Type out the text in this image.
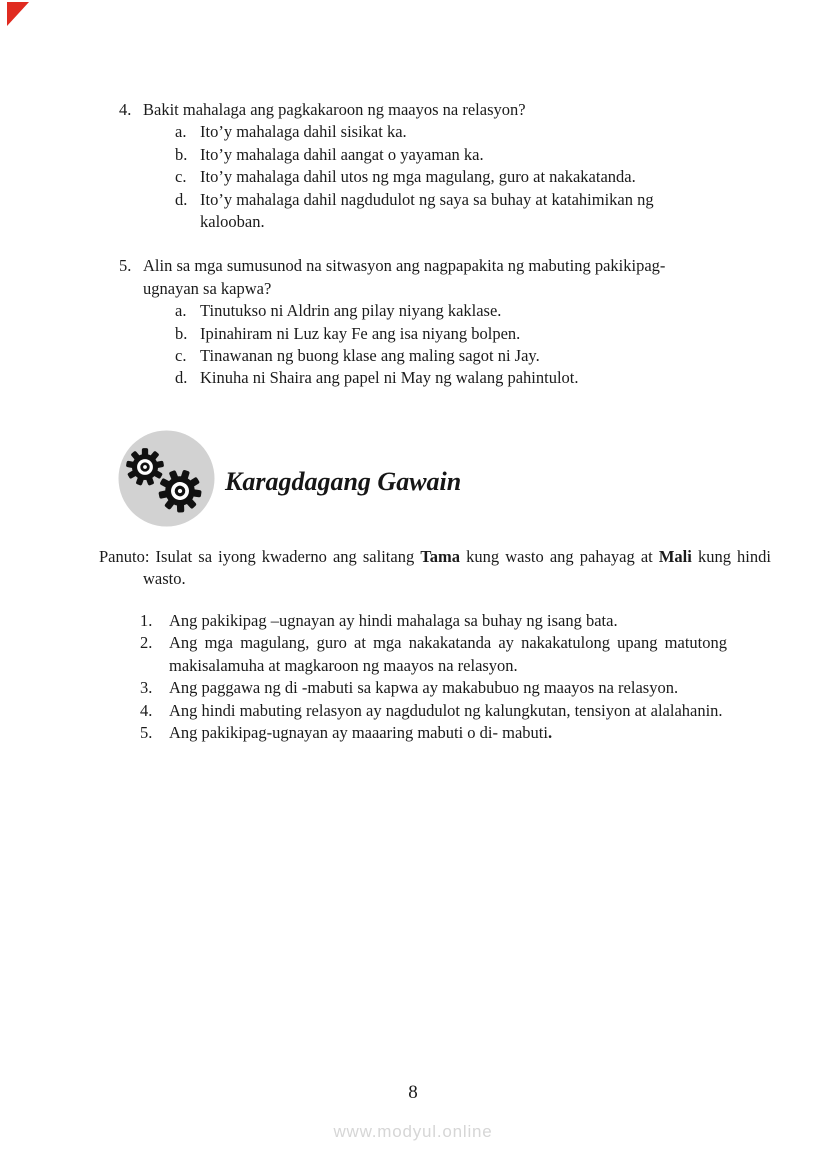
4. Bakit mahalaga ang pagkakaroon ng maayos na relasyon?
a. Ito’y mahalaga dahil sisikat ka.
b. Ito’y mahalaga dahil aangat o yayaman ka.
c. Ito’y mahalaga dahil utos ng mga magulang, guro at nakakatanda.
d. Ito’y mahalaga dahil nagdudulot ng saya sa buhay at katahimikan ng kalooban.
5. Alin sa mga sumusunod na sitwasyon ang nagpapakita ng mabuting pakikipag-ugnayan sa kapwa?
a. Tinutukso ni Aldrin ang pilay niyang kaklase.
b. Ipinahiram ni Luz kay Fe ang isa niyang bolpen.
c. Tinawanan ng buong klase ang maling sagot ni Jay.
d. Kinuha ni Shaira ang papel ni May ng walang pahintulot.
Karagdagang Gawain
Panuto: Isulat sa iyong kwaderno ang salitang Tama kung wasto ang pahayag at Mali kung hindi wasto.
1. Ang pakikipag –ugnayan ay hindi mahalaga sa buhay ng isang bata.
2. Ang mga magulang, guro at mga nakakatanda ay nakakatulong upang matutong makisalamuha at magkaroon ng maayos na relasyon.
3. Ang paggawa ng di -mabuti sa kapwa ay makabubuo ng maayos na relasyon.
4. Ang hindi mabuting relasyon ay nagdudulot ng kalungkutan, tensiyon at alalahanin.
5. Ang pakikipag-ugnayan ay maaaring mabuti o di- mabuti.
8
www.modyul.online
